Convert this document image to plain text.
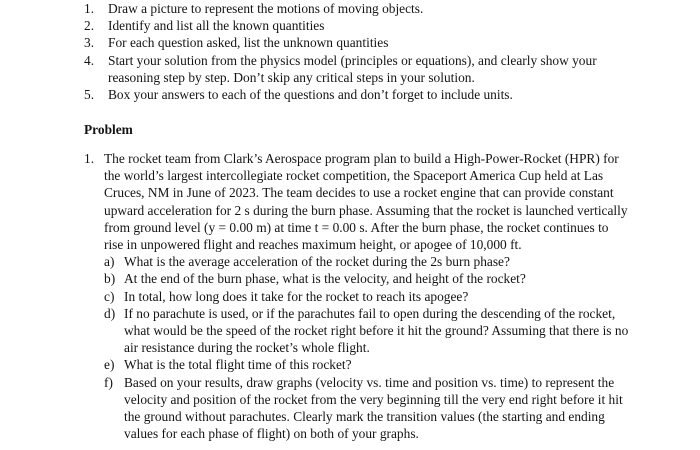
1. Draw a picture to represent the motions of moving objects.
2. Identify and list all the known quantities
3. For each question asked, list the unknown quantities
4. Start your solution from the physics model (principles or equations), and clearly show your reasoning step by step. Don’t skip any critical steps in your solution.
5. Box your answers to each of the questions and don’t forget to include units.
Problem
1. The rocket team from Clark’s Aerospace program plan to build a High-Power-Rocket (HPR) for the world’s largest intercollegiate rocket competition, the Spaceport America Cup held at Las Cruces, NM in June of 2023. The team decides to use a rocket engine that can provide constant upward acceleration for 2 s during the burn phase. Assuming that the rocket is launched vertically from ground level (y = 0.00 m) at time t = 0.00 s. After the burn phase, the rocket continues to rise in unpowered flight and reaches maximum height, or apogee of 10,000 ft.

a) What is the average acceleration of the rocket during the 2s burn phase?
b) At the end of the burn phase, what is the velocity, and height of the rocket?
c) In total, how long does it take for the rocket to reach its apogee?
d) If no parachute is used, or if the parachutes fail to open during the descending of the rocket, what would be the speed of the rocket right before it hit the ground? Assuming that there is no air resistance during the rocket’s whole flight.
e) What is the total flight time of this rocket?
f) Based on your results, draw graphs (velocity vs. time and position vs. time) to represent the velocity and position of the rocket from the very beginning till the very end right before it hit the ground without parachutes. Clearly mark the transition values (the starting and ending values for each phase of flight) on both of your graphs.
